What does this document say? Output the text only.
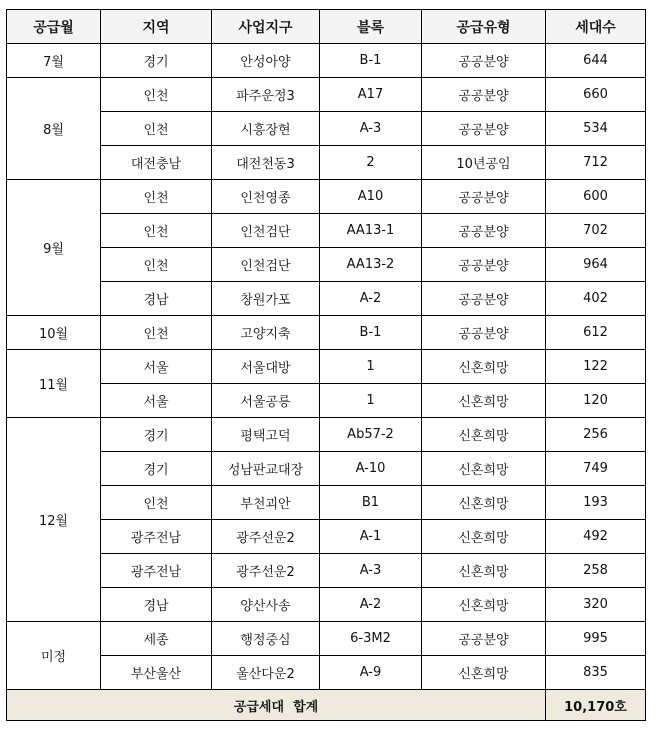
공급월	지역	사업지구	블록	공급유형	세대수
7월	경기	안성아양	B-1	공공분양	644
8월	인천	파주운정3	A17	공공분양	660
	인천	시흥장현	A-3	공공분양	534
	대전충남	대전천동3	2	10년공임	712
9월	인천	인천영종	A10	공공분양	600
	인천	인천검단	AA13-1	공공분양	702
	인천	인천검단	AA13-2	공공분양	964
	경남	창원가포	A-2	공공분양	402
10월	인천	고양지축	B-1	공공분양	612
11월	서울	서울대방	1	신혼희망	122
	서울	서울공릉	1	신혼희망	120
12월	경기	평택고덕	Ab57-2	신혼희망	256
	경기	성남판교대장	A-10	신혼희망	749
	인천	부천괴안	B1	신혼희망	193
	광주전남	광주선운2	A-1	신혼희망	492
	광주전남	광주선운2	A-3	신혼희망	258
	경남	양산사송	A-2	신혼희망	320
미정	세종	행정중심	6-3M2	공공분양	995
	부산울산	울산다운2	A-9	신혼희망	835
공급세대  합계					10,170호
